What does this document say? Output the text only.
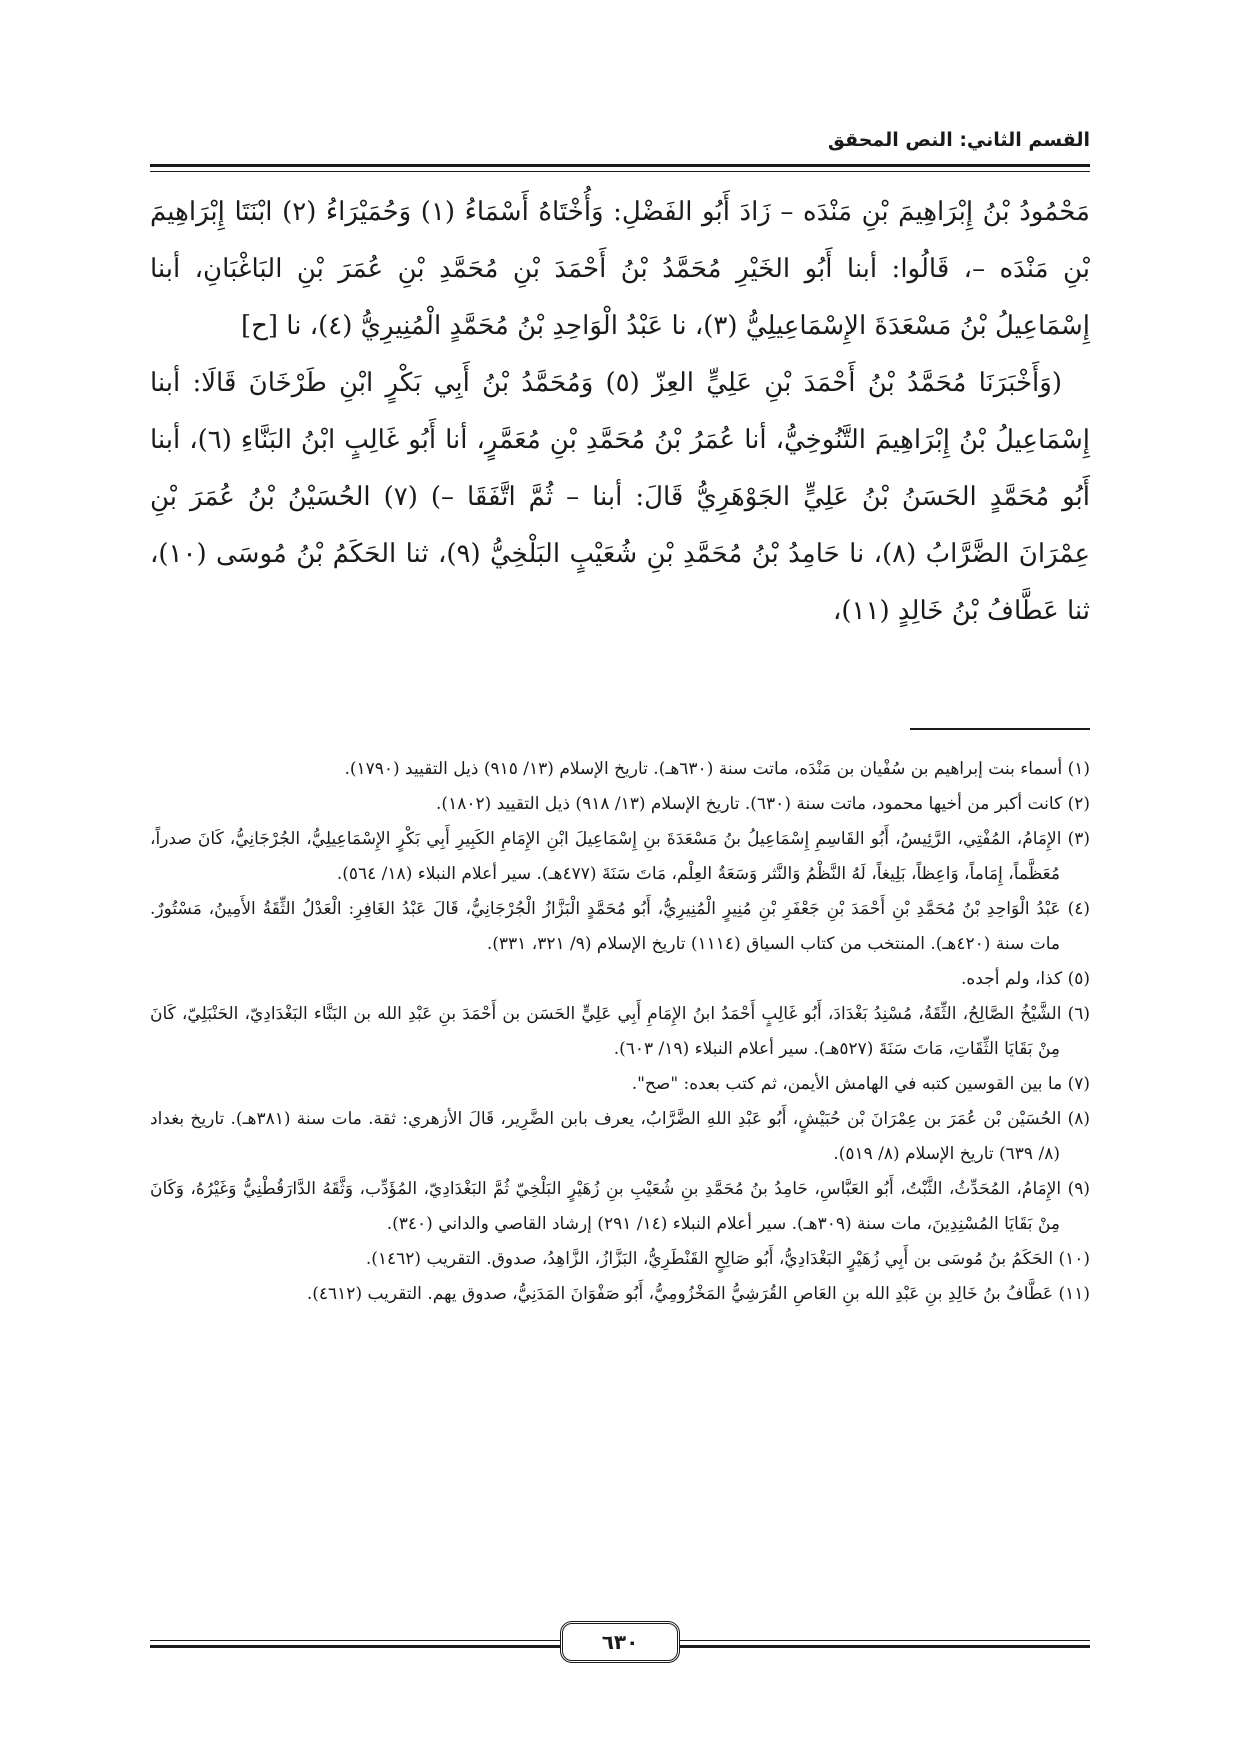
القسم الثاني: النص المحقق

مَحْمُودُ بْنُ إِبْرَاهِيمَ بْنِ مَنْدَه – زَادَ أَبُو الفَضْلِ: وَأُخْتَاهُ أَسْمَاءُ (١) وَحُمَيْرَاءُ (٢) ابْنَتَا إِبْرَاهِيمَ بْنِ مَنْدَه –، قَالُوا: أبنا أَبُو الخَيْرِ مُحَمَّدُ بْنُ أَحْمَدَ بْنِ مُحَمَّدِ بْنِ عُمَرَ بْنِ البَاغْبَانِ، أبنا إِسْمَاعِيلُ بْنُ مَسْعَدَةَ الإِسْمَاعِيلِيُّ (٣)، نا عَبْدُ الْوَاحِدِ بْنُ مُحَمَّدٍ الْمُنِيرِيُّ (٤)، نا [ح]

(وَأَخْبَرَنَا مُحَمَّدُ بْنُ أَحْمَدَ بْنِ عَلِيٍّ العِزّ (٥) وَمُحَمَّدُ بْنُ أَبِي بَكْرٍ ابْنِ طَرْخَانَ قَالَا: أبنا إِسْمَاعِيلُ بْنُ إِبْرَاهِيمَ التَّنُوخِيُّ، أنا عُمَرُ بْنُ مُحَمَّدِ بْنِ مُعَمَّرٍ، أنا أَبُو غَالِبٍ ابْنُ البَنَّاءِ (٦)، أبنا أَبُو مُحَمَّدٍ الحَسَنُ بْنُ عَلِيٍّ الجَوْهَرِيُّ قَالَ: أبنا – ثُمَّ اتَّفَقَا –) (٧) الحُسَيْنُ بْنُ عُمَرَ بْنِ عِمْرَانَ الضَّرَّابُ (٨)، نا حَامِدُ بْنُ مُحَمَّدِ بْنِ شُعَيْبٍ البَلْخِيُّ (٩)، ثنا الحَكَمُ بْنُ مُوسَى (١٠)، ثنا عَطَّافُ بْنُ خَالِدٍ (١١)،

(١) أسماء بنت إبراهيم بن سُفْيان بن مَنْدَه، ماتت سنة (٦٣٠هـ). تاريخ الإسلام (١٣/ ٩١٥) ذيل التقييد (١٧٩٠).

(٢) كانت أكبر من أخيها محمود، ماتت سنة (٦٣٠). تاريخ الإسلام (١٣/ ٩١٨) ذيل التقييد (١٨٠٢).

(٣) الإِمَامُ، المُفْتِي، الرَّئِيسُ، أَبُو القَاسِمِ إِسْمَاعِيلُ بنُ مَسْعَدَةَ بنِ إِسْمَاعِيلَ ابْنِ الإِمَامِ الكَبِيرِ أَبِي بَكْرٍ الإِسْمَاعِيلِيُّ، الجُرْجَانِيُّ، كَانَ صدراً، مُعَظَّماً، إِمَاماً، وَاعِظاً، بَلِيغاً، لَهُ النَّظْمُ وَالنَّثر وَسَعَةُ العِلْم، مَاتَ سَنَةَ (٤٧٧هـ). سير أعلام النبلاء (١٨/ ٥٦٤).

(٤) عَبْدُ الْوَاحِدِ بْنُ مُحَمَّدِ بْنِ أَحْمَدَ بْنِ جَعْفَرِ بْنِ مُنِيرٍ الْمُنِيرِيُّ، أَبُو مُحَمَّدٍ الْبَزَّازُ الْجُرْجَانِيُّ، قَالَ عَبْدُ الغَافِرِ: الْعَدْلُ الثِّقَةُ الأَمِينُ، مَسْتُورٌ. مات سنة (٤٢٠هـ). المنتخب من كتاب السياق (١١١٤) تاريخ الإسلام (٩/ ٣٢١، ٣٣١).

(٥) كذا، ولم أجده.

(٦) الشَّيْخُ الصَّالِحُ، الثِّقَةُ، مُسْنِدُ بَغْدَادَ، أَبُو غَالِبٍ أَحْمَدُ ابنُ الإِمَامِ أَبِي عَلِيٍّ الحَسَن بن أَحْمَدَ بنِ عَبْدِ الله بن البَنَّاء البَغْدَادِيّ، الحَنْبَلِيّ، كَانَ مِنْ بَقَايَا الثِّقَاتِ، مَاتَ سَنَةَ (٥٢٧هـ). سير أعلام النبلاء (١٩/ ٦٠٣).

(٧) ما بين القوسين كتبه في الهامش الأيمن، ثم كتب بعده: "صح".

(٨) الحُسَيْن بْن عُمَرَ بن عِمْرَانَ بْن حُبَيْشٍ، أَبُو عَبْدِ اللهِ الضَّرَّابُ، يعرف بابن الضَّرِير، قَالَ الأزهري: ثقة. مات سنة (٣٨١هـ). تاريخ بغداد (٨/ ٦٣٩) تاريخ الإسلام (٨/ ٥١٩).

(٩) الإِمَامُ، المُحَدِّثُ، الثَّبْتُ، أَبُو العَبَّاسِ، حَامِدُ بنُ مُحَمَّدِ بنِ شُعَيْبِ بنِ زُهَيْرٍ البَلْخِيّ ثُمَّ البَغْدَادِيّ، المُؤَدِّب، وَثَّقَهُ الدَّارَقُطْنِيُّ وَغَيْرُهُ، وَكَانَ مِنْ بَقَايَا المُسْنِدِينَ، مات سنة (٣٠٩هـ). سير أعلام النبلاء (١٤/ ٢٩١) إرشاد القاصي والداني (٣٤٠).

(١٠) الحَكَمُ بنُ مُوسَى بن أَبِي زُهَيْرٍ البَغْدَادِيُّ، أَبُو صَالِحٍ القَنْطَرِيُّ، البَزَّازُ، الزَّاهِدُ، صدوق. التقريب (١٤٦٢).

(١١) عَطَّافُ بنُ خَالِدِ بنِ عَبْدِ الله بنِ العَاصِ القُرَشِيُّ المَخْزُومِيُّ، أَبُو صَفْوَانَ المَدَنِيُّ، صدوق يهم. التقريب (٤٦١٢).

٦٣٠
